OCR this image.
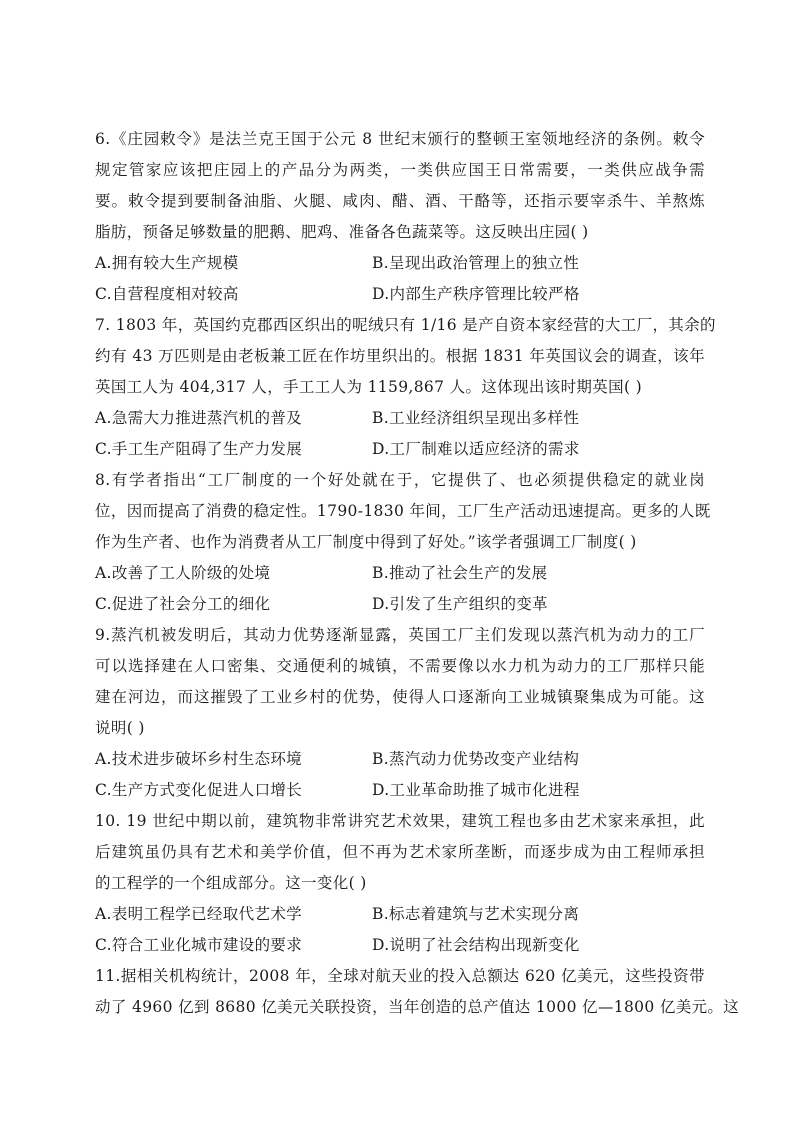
6.《庄园敕令》是法兰克王国于公元 8 世纪末颁行的整顿王室领地经济的条例。敕令
规定管家应该把庄园上的产品分为两类，一类供应国王日常需要，一类供应战争需
要。敕令提到要制备油脂、火腿、咸肉、醋、酒、干酪等，还指示要宰杀牛、羊熬炼
脂肪，预备足够数量的肥鹅、肥鸡、准备各色蔬菜等。这反映出庄园( )
A.拥有较大生产规模	B.呈现出政治管理上的独立性
C.自营程度相对较高	D.内部生产秩序管理比较严格
7. 1803 年，英国约克郡西区织出的呢绒只有 1/16 是产自资本家经营的大工厂，其余的
约有 43 万匹则是由老板兼工匠在作坊里织出的。根据 1831 年英国议会的调查，该年
英国工人为 404,317 人，手工工人为 1159,867 人。这体现出该时期英国( )
A.急需大力推进蒸汽机的普及	B.工业经济组织呈现出多样性
C.手工生产阻碍了生产力发展	D.工厂制难以适应经济的需求
8.有学者指出“工厂制度的一个好处就在于，它提供了、也必须提供稳定的就业岗
位，因而提高了消费的稳定性。1790-1830 年间，工厂生产活动迅速提高。更多的人既
作为生产者、也作为消费者从工厂制度中得到了好处。”该学者强调工厂制度( )
A.改善了工人阶级的处境	B.推动了社会生产的发展
C.促进了社会分工的细化	D.引发了生产组织的变革
9.蒸汽机被发明后，其动力优势逐渐显露，英国工厂主们发现以蒸汽机为动力的工厂
可以选择建在人口密集、交通便利的城镇，不需要像以水力机为动力的工厂那样只能
建在河边，而这摧毁了工业乡村的优势，使得人口逐渐向工业城镇聚集成为可能。这
说明( )
A.技术进步破坏乡村生态环境	B.蒸汽动力优势改变产业结构
C.生产方式变化促进人口增长	D.工业革命助推了城市化进程
10. 19 世纪中期以前，建筑物非常讲究艺术效果，建筑工程也多由艺术家来承担，此
后建筑虽仍具有艺术和美学价值，但不再为艺术家所垄断，而逐步成为由工程师承担
的工程学的一个组成部分。这一变化( )
A.表明工程学已经取代艺术学	B.标志着建筑与艺术实现分离
C.符合工业化城市建设的要求	D.说明了社会结构出现新变化
11.据相关机构统计，2008 年，全球对航天业的投入总额达 620 亿美元，这些投资带
动了 4960 亿到 8680 亿美元关联投资，当年创造的总产值达 1000 亿—1800 亿美元。这
